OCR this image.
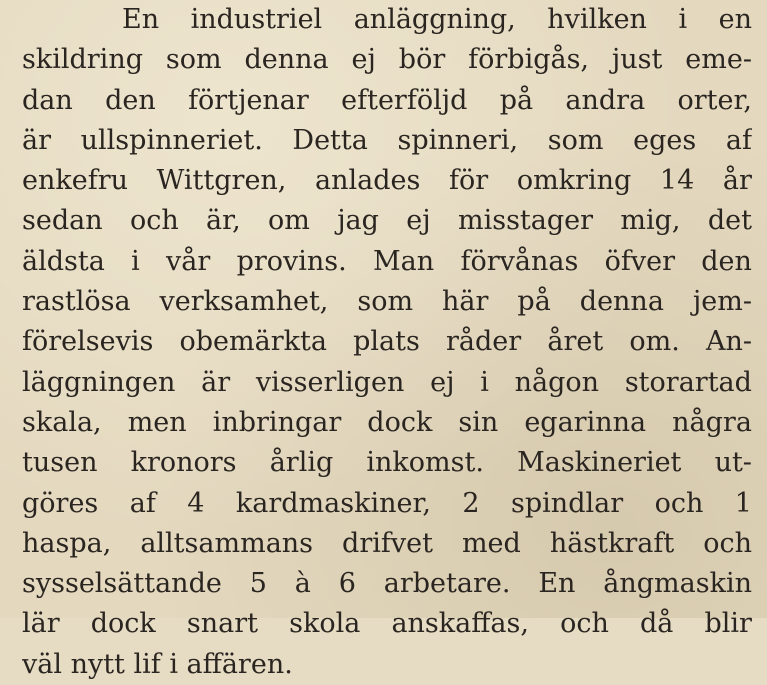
En industriel anläggning, hvilken i en
skildring som denna ej bör förbigås, just eme-
dan den förtjenar efterföljd på andra orter,
är ullspinneriet. Detta spinneri, som eges af
enkefru Wittgren, anlades för omkring 14 år
sedan och är, om jag ej misstager mig, det
äldsta i vår provins. Man förvånas öfver den
rastlösa verksamhet, som här på denna jem-
förelsevis obemärkta plats råder året om. An-
läggningen är visserligen ej i någon storartad
skala, men inbringar dock sin egarinna några
tusen kronors årlig inkomst. Maskineriet ut-
göres af 4 kardmaskiner, 2 spindlar och 1
haspa, alltsammans drifvet med hästkraft och
sysselsättande 5 à 6 arbetare. En ångmaskin
lär dock snart skola anskaffas, och då blir
väl nytt lif i affären.
